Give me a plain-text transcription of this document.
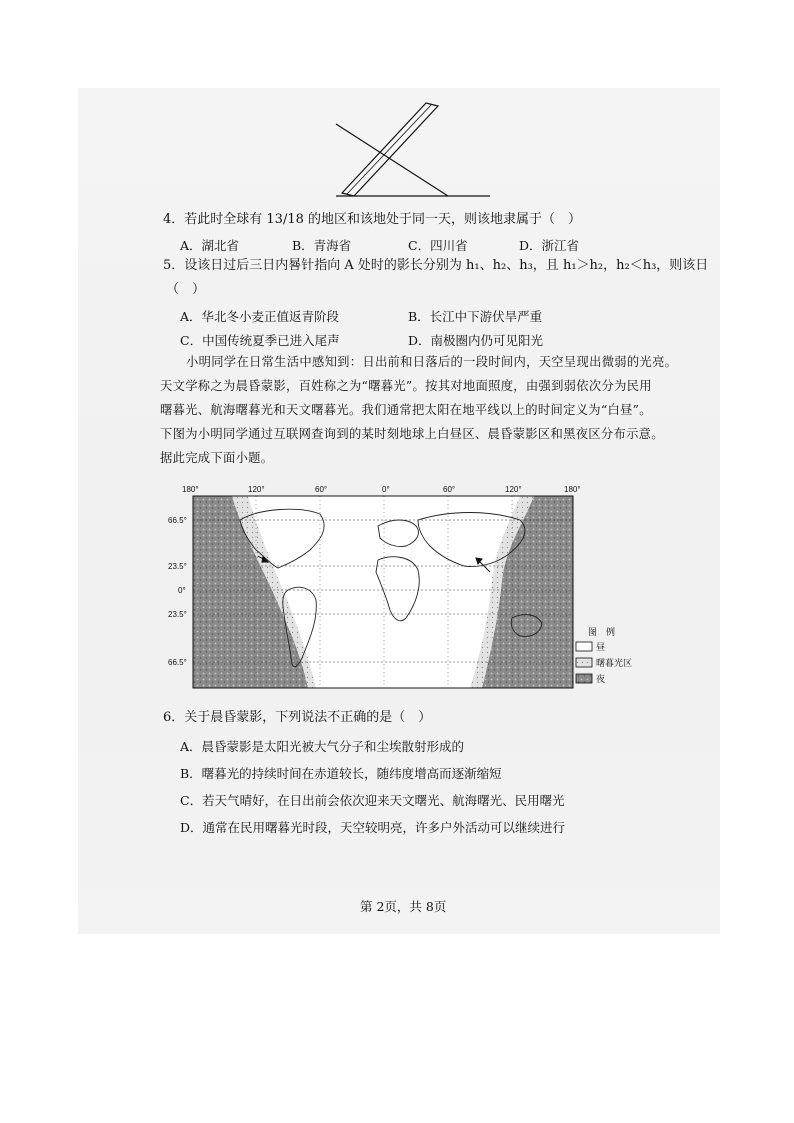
4．若此时全球有 13/18 的地区和该地处于同一天，则该地隶属于（　）
A．湖北省	B．青海省	C．四川省	D．浙江省
5．设该日过后三日内晷针指向 A 处时的影长分别为 h₁、h₂、h₃，且 h₁＞h₂，h₂＜h₃，则该日
（　）
A．华北冬小麦正值返青阶段	B．长江中下游伏旱严重
C．中国传统夏季已进入尾声	D．南极圈内仍可见阳光
小明同学在日常生活中感知到：日出前和日落后的一段时间内，天空呈现出微弱的光亮。
天文学称之为晨昏蒙影，百姓称之为“曙暮光”。按其对地面照度，由强到弱依次分为民用
曙暮光、航海曙暮光和天文曙暮光。我们通常把太阳在地平线以上的时间定义为“白昼”。
下图为小明同学通过互联网查询到的某时刻地球上白昼区、晨昏蒙影区和黑夜区分布示意。
据此完成下面小题。
180°	120°	60°	0°	60°	120°	180°
66.5°
23.5°
0°
23.5°
66.5°
图　例
昼
曙暮光区
夜
6．关于晨昏蒙影，下列说法不正确的是（　）
A．晨昏蒙影是太阳光被大气分子和尘埃散射形成的
B．曙暮光的持续时间在赤道较长，随纬度增高而逐渐缩短
C．若天气晴好，在日出前会依次迎来天文曙光、航海曙光、民用曙光
D．通常在民用曙暮光时段，天空较明亮，许多户外活动可以继续进行
第 2页，共 8页
